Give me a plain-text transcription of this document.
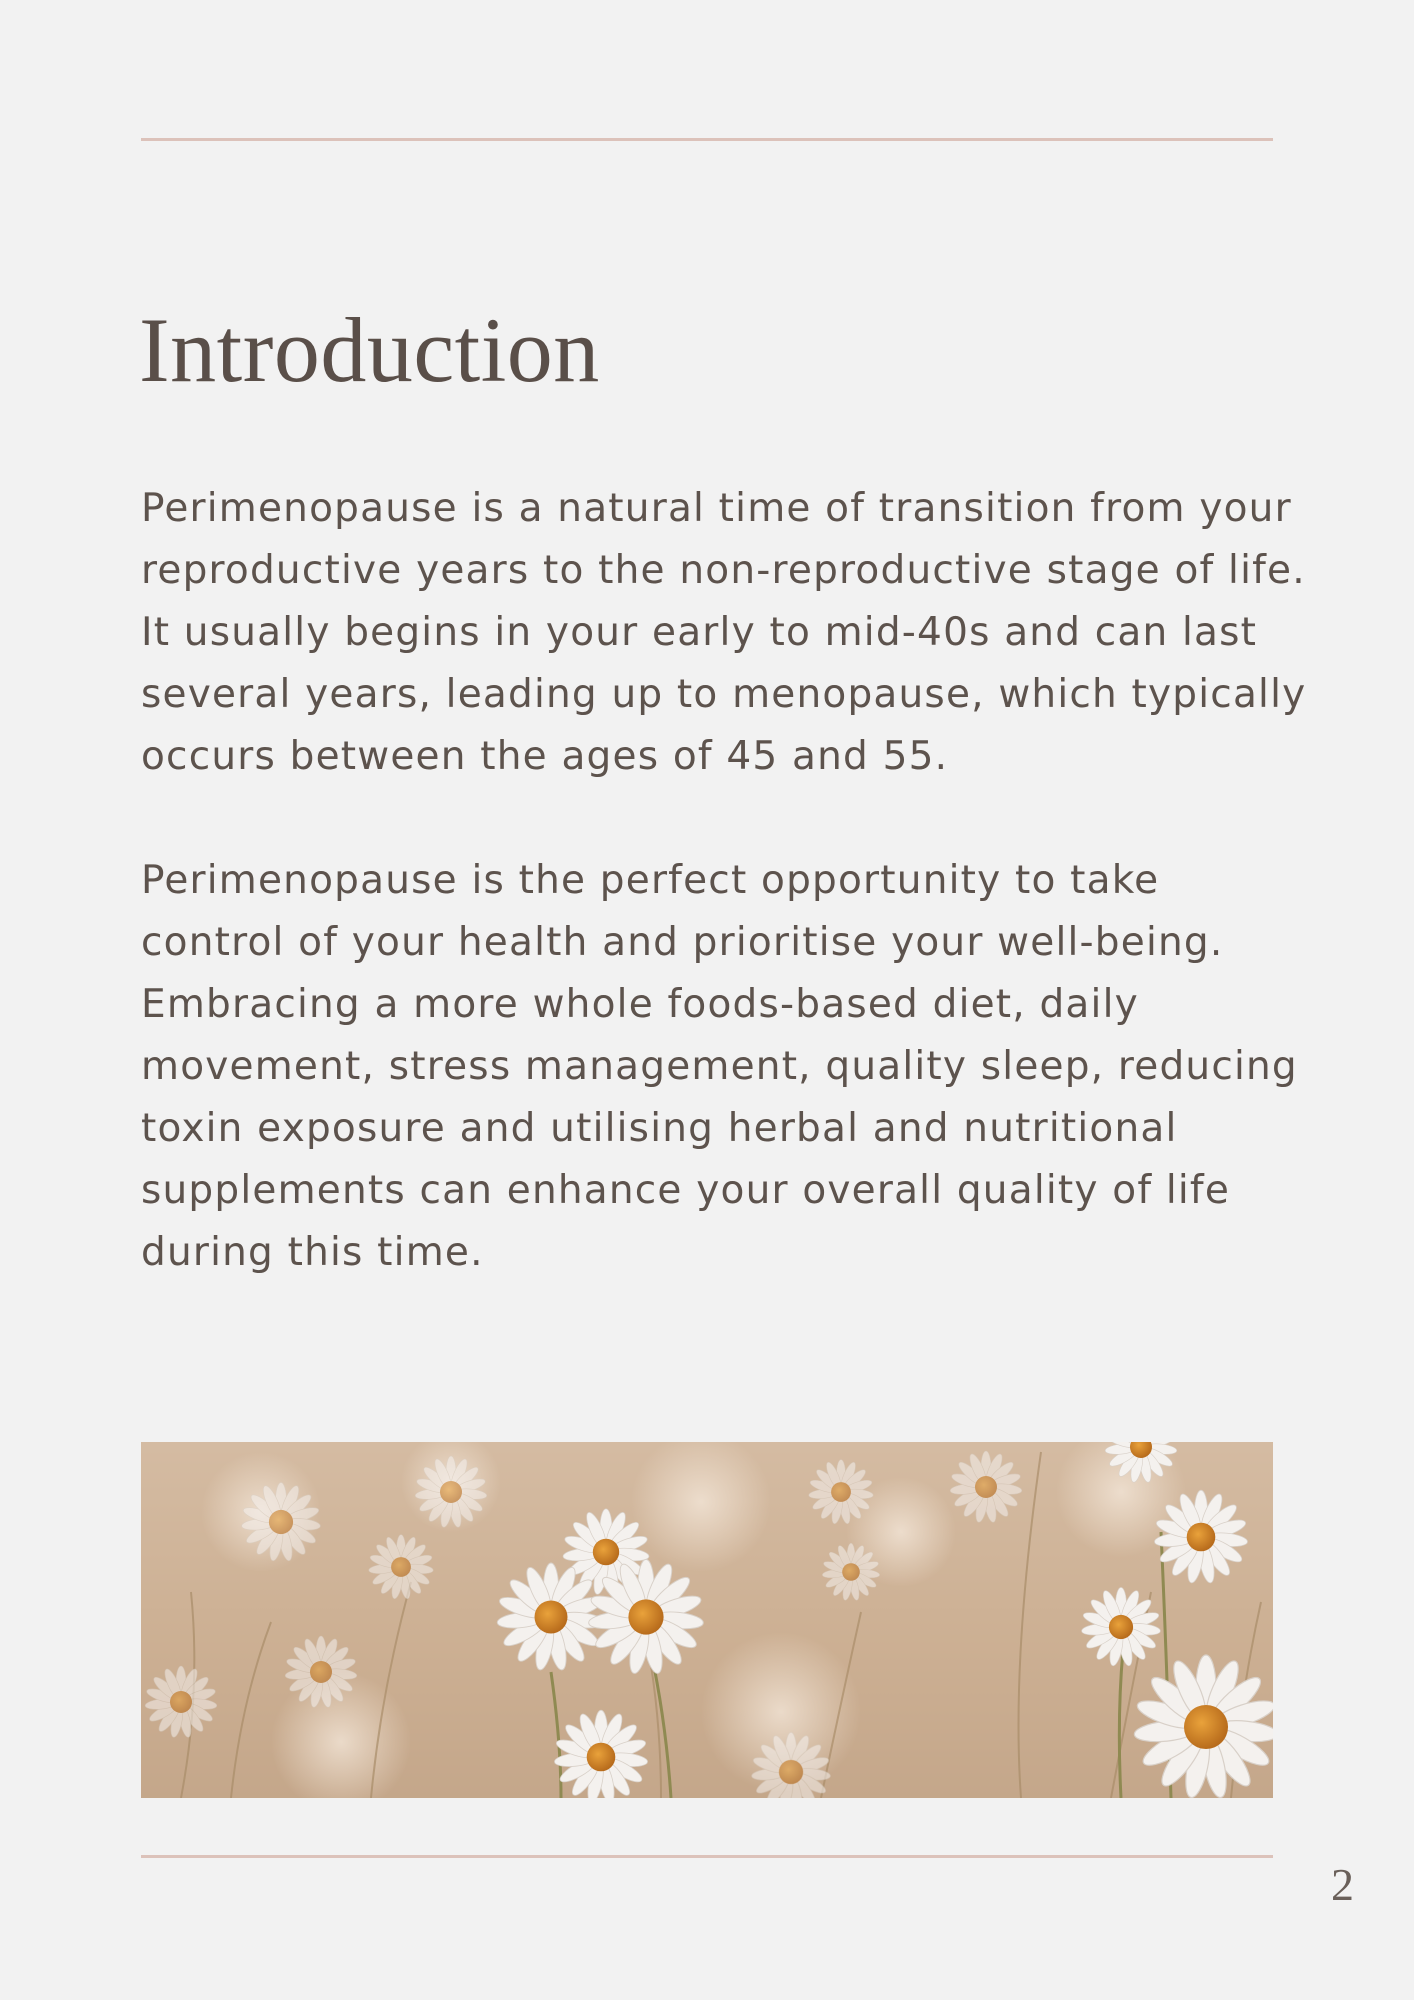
Introduction

Perimenopause is a natural time of transition from your reproductive years to the non-reproductive stage of life. It usually begins in your early to mid-40s and can last several years, leading up to menopause, which typically occurs between the ages of 45 and 55.

Perimenopause is the perfect opportunity to take control of your health and prioritise your well-being. Embracing a more whole foods-based diet, daily movement, stress management, quality sleep, reducing toxin exposure and utilising herbal and nutritional supplements can enhance your overall quality of life during this time.

2
